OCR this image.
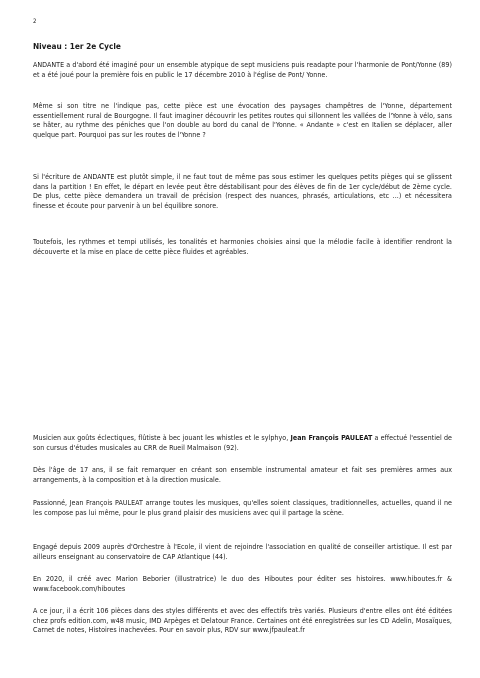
2
Niveau : 1er 2e Cycle

ANDANTE a d'abord été imaginé pour un ensemble atypique de sept musiciens puis readapte pour l'harmonie de Pont/Yonne (89) et a été joué pour la première fois en public le 17 décembre 2010 à l'église de Pont/ Yonne.

Même si son titre ne l'indique pas, cette pièce est une évocation des paysages champêtres de l'Yonne, département essentiellement rural de Bourgogne. Il faut imaginer découvrir les petites routes qui sillonnent les vallées de l'Yonne à vélo, sans se hâter, au rythme des péniches que l'on double au bord du canal de l'Yonne. « Andante » c'est en Italien se déplacer, aller quelque part. Pourquoi pas sur les routes de l'Yonne ?

Si l'écriture de ANDANTE est plutôt simple, il ne faut tout de même pas sous estimer les quelques petits pièges qui se glissent dans la partition ! En effet, le départ en levée peut être déstabilisant pour des élèves de fin de 1er cycle/début de 2ème cycle. De plus, cette pièce demandera un travail de précision (respect des nuances, phrasés, articulations, etc ...) et nécessitera finesse et écoute pour parvenir à un bel équilibre sonore.

Toutefois, les rythmes et tempi utilisés, les tonalités et harmonies choisies ainsi que la mélodie facile à identifier rendront la découverte et la mise en place de cette pièce fluides et agréables.

Musicien aux goûts éclectiques, flûtiste à bec jouant les whistles et le sylphyo, Jean François PAULEAT a effectué l'essentiel de son cursus d'études musicales au CRR de Rueil Malmaison (92).

Dès l'âge de 17 ans, il se fait remarquer en créant son ensemble instrumental amateur et fait ses premières armes aux arrangements, à la composition et à la direction musicale.

Passionné, Jean François PAULEAT arrange toutes les musiques, qu'elles soient classiques, traditionnelles, actuelles, quand il ne les compose pas lui même, pour le plus grand plaisir des musiciens avec qui il partage la scène.

Engagé depuis 2009 auprès d'Orchestre à l'Ecole, il vient de rejoindre l'association en qualité de conseiller artistique. Il est par ailleurs enseignant au conservatoire de CAP Atlantique (44).

En 2020, il créé avec Marion Beborier (illustratrice) le duo des Hiboutes pour éditer ses histoires. www.hiboutes.fr & www.facebook.com/hiboutes

A ce jour, il a écrit 106 pièces dans des styles différents et avec des effectifs très variés. Plusieurs d'entre elles ont été éditées chez profs edition.com, w48 music, IMD Arpèges et Delatour France. Certaines ont été enregistrées sur les CD Adelin, Mosaïques, Carnet de notes, Histoires inachevées. Pour en savoir plus, RDV sur www.jfpauleat.fr
